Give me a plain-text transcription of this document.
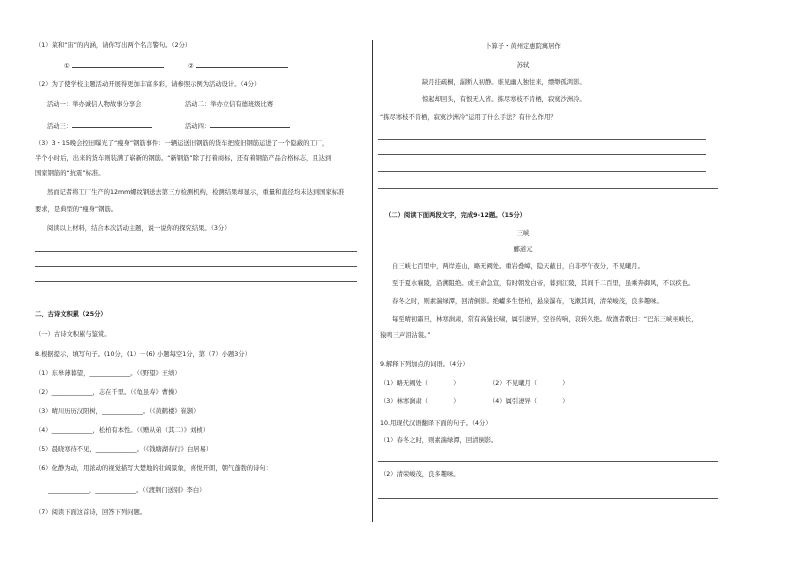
（1）菜和“宙”的内涵，请你写出两个名言警句。（2分）
①	②
（2）为了使学校主题活动开展得更加丰富多彩，请参照示例为活动设计。（4分）
活动一：举办诚信人物故事分享会	活动二：举办立信有德班级比赛
活动三：	活动四：
（3）3・15晚会控田曝光了“瘦身”钢筋事件：一辆运送旧钢筋的货车把废旧钢筋运进了一个隐蔽的工厂，
半个小时后，出来的货车则装满了崭新的钢筋。“新钢筋”除了打着商标，还有着钢筋产品合格标志，且达到
国家钢筋的“抗震”标准。
然而记者将工厂生产的12mm螺纹钢送去第三方检测机构，检测结果却显示，重量和直径均未达到国家标准
要求，是典型的“瘦身”钢筋。
阅读以上材料，结合本次活动主题，说一说你的探究结果。（3分）
二、古诗文积累（25分）
（一）古诗文积累与鉴赏。
8.根据提示，填写句子。(10分，(1）－(6) 小题每空1分，第（7）小题3分）
（1）东皋薄暮望，_____________。（《野望》王绩）
（2）_____________，志在千里。（《龟虽寿》曹操）
（3）晴川历历汉阳树，_____________。（《黄鹤楼》崔颢）
（4）_____________，松柏有本性。（《赠从弟（其二）》刘桢）
（5）晨晓寒待不见，_____________。（《钱塘湖春行》白居易）
（6）化静为动，用浓动的视觉描写大楚地的壮阔景象，喜悦开朗，朝气蓬勃的诗句：
_____________，_____________。（《渡荆门送别》李白）
（7）阅读下面这首诗，回答下列问题。
卜算子・黄州定惠院寓居作
苏轼
缺月挂疏桐，漏断人初静。谁见幽人独往来，缥缈孤鸿影。
惊起却回头，有恨无人省。拣尽寒枝不肯栖，寂寞沙洲冷。
“拣尽寒枝不肯栖，寂寞沙洲冷”运用了什么手法？有什么作用？
（二）阅读下面两段文字，完成9-12题。（15分）
三峡
郦道元
自三峡七百里中，两岸连山，略无阙处。重岩叠嶂，隐天蔽日，自非亭午夜分，不见曦月。
至于夏水襄陵，沿溯阻绝。或王命急宣，有时朝发白帝，暮到江陵，其间千二百里，虽乘奔御风，不以疾也。
春冬之时，则素湍绿潭，回清倒影。绝巘多生怪柏，悬泉瀑布，飞漱其间，清荣峻茂，良多趣味。
每至晴初霜旦，林寒涧肃，常有高猿长啸，属引凄异，空谷传响，哀转久绝。故渔者歌曰：“巴东三峡巫峡长，
猿鸣三声泪沾裳。”
9.解释下列加点的词语。（4分）
（1）略无阙处（　　　　）	（2）不见曦月（　　　　）
（3）林寒涧肃（　　　　）	（4）属引凄异（　　　　）
10.用现代汉语翻译下面的句子。（4分）
（1）春冬之时，则素湍绿潭，回清倒影。
（2）清荣峻茂，良多趣味。
